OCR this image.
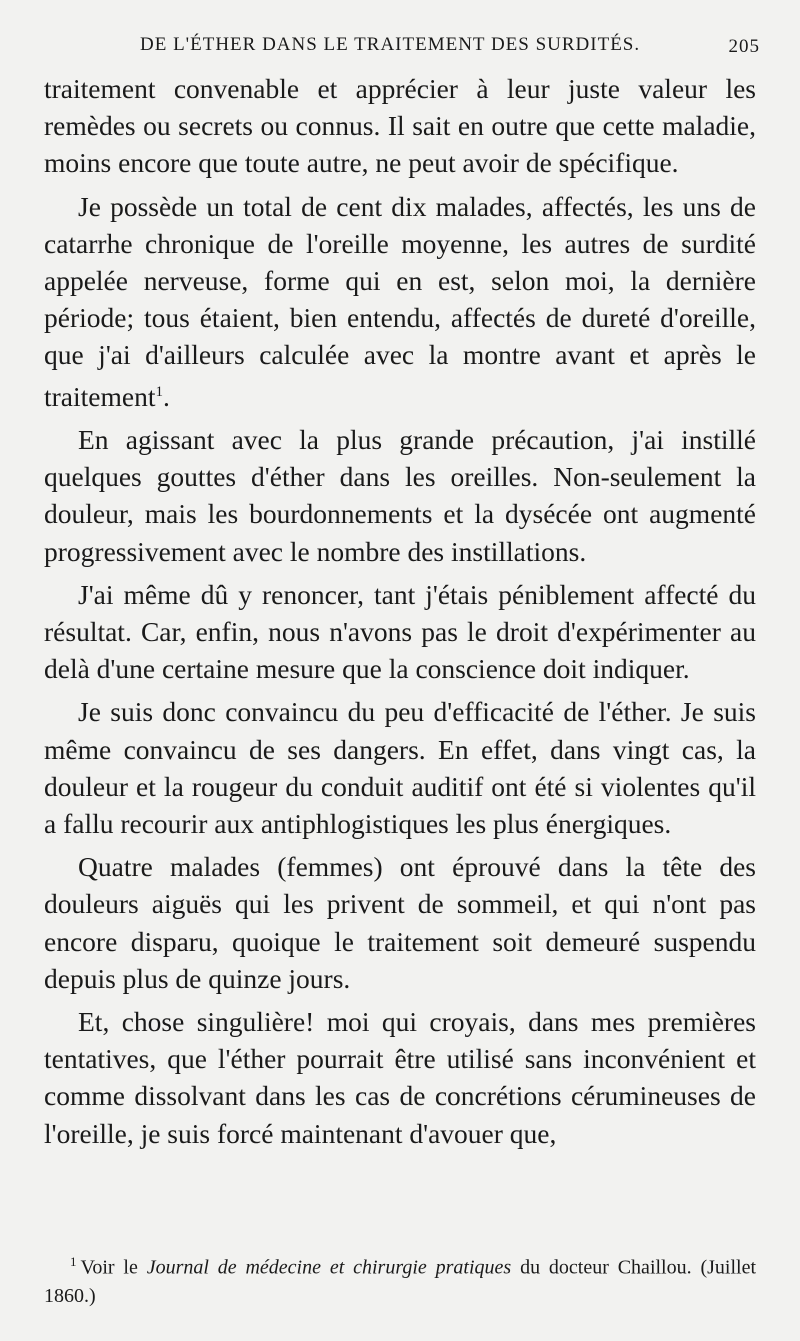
DE L'ÉTHER DANS LE TRAITEMENT DES SURDITÉS.	205

traitement convenable et apprécier à leur juste valeur les remèdes ou secrets ou connus. Il sait en outre que cette maladie, moins encore que toute autre, ne peut avoir de spécifique.

Je possède un total de cent dix malades, affectés, les uns de catarrhe chronique de l'oreille moyenne, les autres de surdité appelée nerveuse, forme qui en est, selon moi, la dernière période; tous étaient, bien entendu, affectés de dureté d'oreille, que j'ai d'ailleurs calculée avec la montre avant et après le traitement$^1$.

En agissant avec la plus grande précaution, j'ai instillé quelques gouttes d'éther dans les oreilles. Non-seulement la douleur, mais les bourdonnements et la dysécée ont augmenté progressivement avec le nombre des instillations.

J'ai même dû y renoncer, tant j'étais péniblement affecté du résultat. Car, enfin, nous n'avons pas le droit d'expérimenter au delà d'une certaine mesure que la conscience doit indiquer.

Je suis donc convaincu du peu d'efficacité de l'éther. Je suis même convaincu de ses dangers. En effet, dans vingt cas, la douleur et la rougeur du conduit auditif ont été si violentes qu'il a fallu recourir aux antiphlogistiques les plus énergiques.

Quatre malades (femmes) ont éprouvé dans la tête des douleurs aiguës qui les privent de sommeil, et qui n'ont pas encore disparu, quoique le traitement soit demeuré suspendu depuis plus de quinze jours.

Et, chose singulière! moi qui croyais, dans mes premières tentatives, que l'éther pourrait être utilisé sans inconvénient et comme dissolvant dans les cas de concrétions cérumineuses de l'oreille, je suis forcé maintenant d'avouer que,

$^1$ Voir le Journal de médecine et chirurgie pratiques du docteur Chaillou. (Juillet 1860.)
